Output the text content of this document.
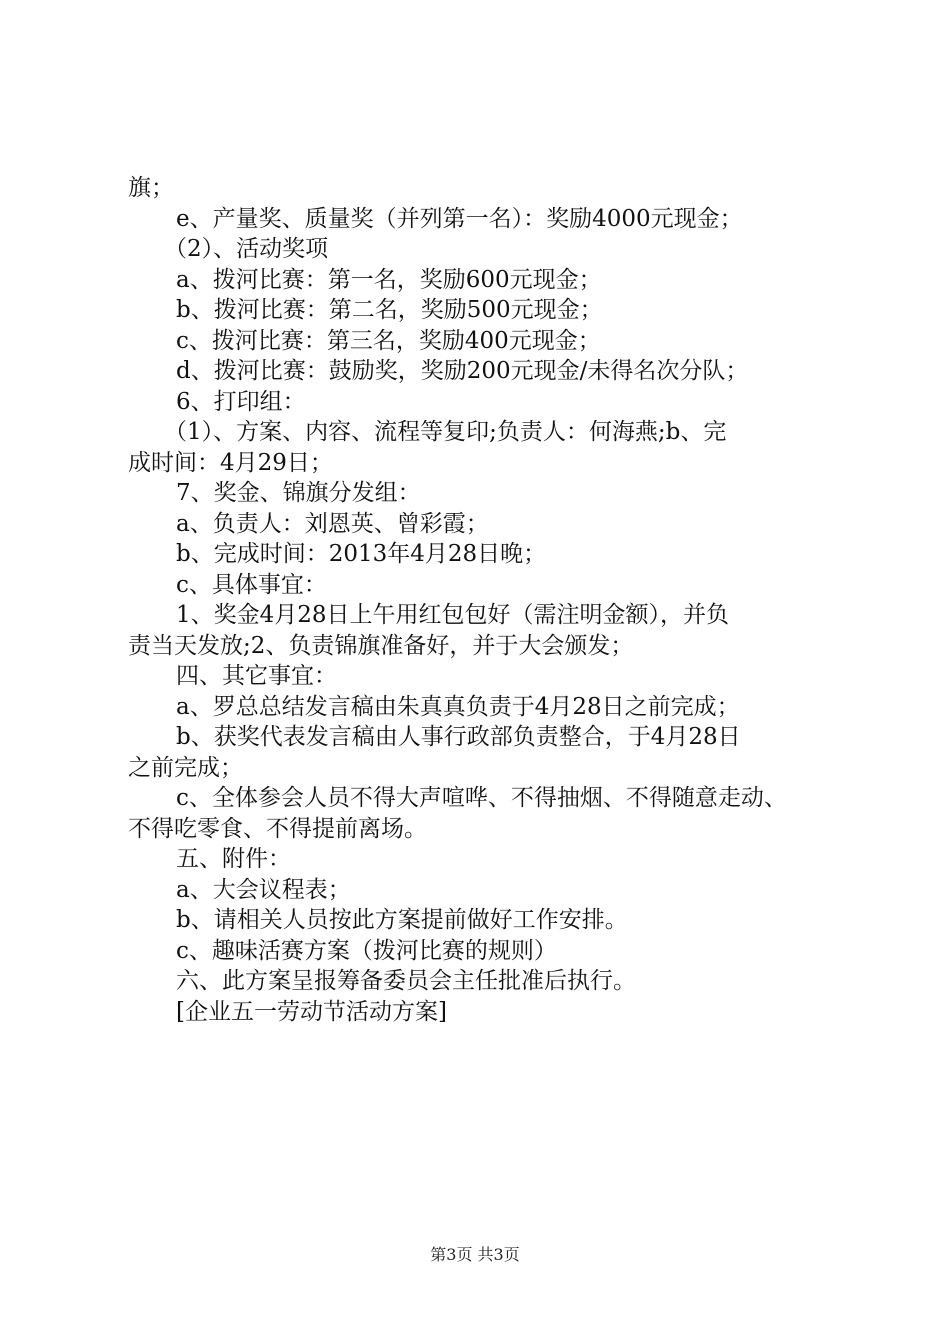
旗；
e、产量奖、质量奖（并列第一名）：奖励4000元现金；
（2）、活动奖项
a、拨河比赛：第一名，奖励600元现金；
b、拨河比赛：第二名，奖励500元现金；
c、拨河比赛：第三名，奖励400元现金；
d、拨河比赛：鼓励奖，奖励200元现金/未得名次分队；
6、打印组：
（1）、方案、内容、流程等复印;负责人：何海燕;b、完
成时间：4月29日；
7、奖金、锦旗分发组：
a、负责人：刘恩英、曾彩霞；
b、完成时间：2013年4月28日晚；
c、具体事宜：
1、奖金4月28日上午用红包包好（需注明金额），并负
责当天发放;2、负责锦旗准备好，并于大会颁发；
四、其它事宜：
a、罗总总结发言稿由朱真真负责于4月28日之前完成；
b、获奖代表发言稿由人事行政部负责整合，于4月28日
之前完成；
c、全体参会人员不得大声喧哗、不得抽烟、不得随意走动、
不得吃零食、不得提前离场。
五、附件：
a、大会议程表；
b、请相关人员按此方案提前做好工作安排。
c、趣味活赛方案（拨河比赛的规则）
六、此方案呈报筹备委员会主任批准后执行。
[企业五一劳动节活动方案]
第3页 共3页
